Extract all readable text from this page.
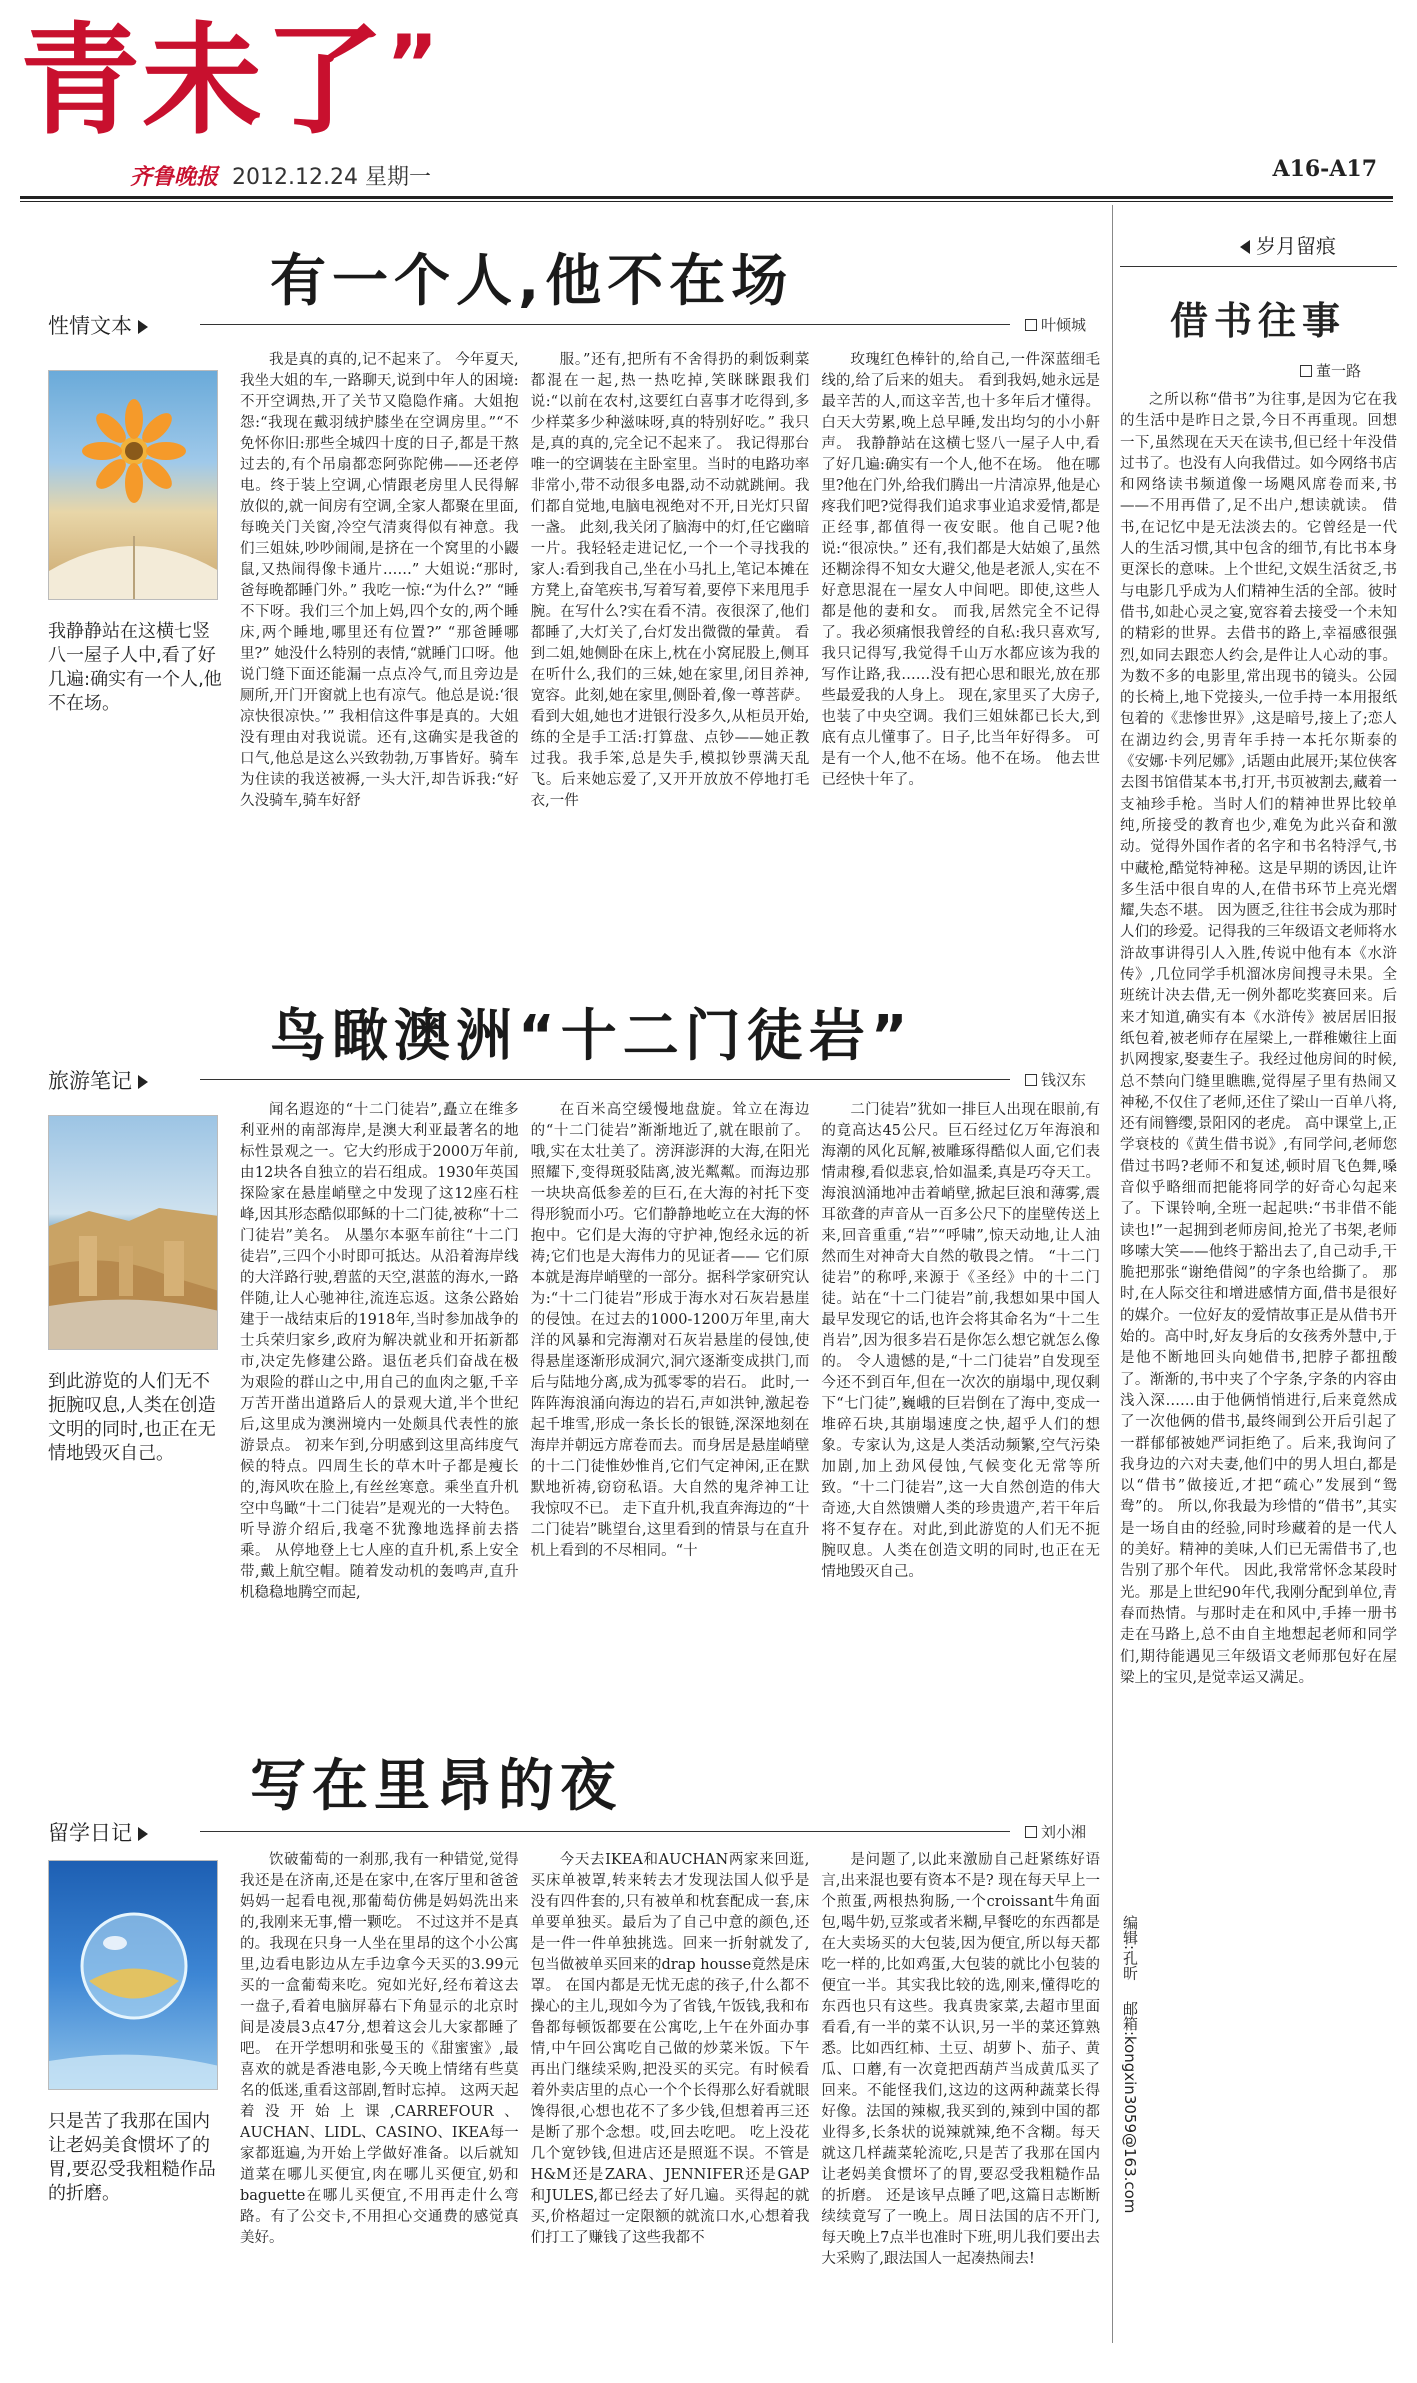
青未了”
齐鲁晚报 2012.12.24 星期一	A16-A17
有一个人,他不在场
性情文本	叶倾城
我静静站在这横七竖八一屋子人中,看了好几遍:确实有一个人,他不在场。
我是真的真的,记不起来了。 今年夏天,我坐大姐的车,一路聊天,说到中年人的困境:不开空调热,开了关节又隐隐作痛。大姐抱怨:“我现在戴羽绒护膝坐在空调房里。”“不免怀你旧:那些全城四十度的日子,都是干熬过去的,有个吊扇都恋阿弥陀佛——还老停电。终于装上空调,心情跟老房里人民得解放似的,就一间房有空调,全家人都聚在里面,每晚关门关窗,冷空气清爽得似有神意。我们三姐妹,吵吵闹闹,是挤在一个窝里的小鼹鼠,又热闹得像卡通片……” 大姐说:“那时,爸每晚都睡门外。” 我吃一惊:“为什么?” “睡不下呀。我们三个加上妈,四个女的,两个睡床,两个睡地,哪里还有位置?” “那爸睡哪里?” 她没什么特别的表情,“就睡门口呀。他说门缝下面还能漏一点点冷气,而且旁边是厕所,开门开窗就上也有凉气。他总是说:‘很凉快很凉快。’” 我相信这件事是真的。大姐没有理由对我说谎。还有,这确实是我爸的口气,他总是这么兴致勃勃,万事皆好。骑车为住读的我送被褥,一头大汗,却告诉我:“好久没骑车,骑车好舒
服。”还有,把所有不舍得扔的剩饭剩菜都混在一起,热一热吃掉,笑眯眯跟我们说:“以前在农村,这要红白喜事才吃得到,多少样菜多少种滋味呀,真的特别好吃。” 我只是,真的真的,完全记不起来了。 我记得那台唯一的空调装在主卧室里。当时的电路功率非常小,带不动很多电器,动不动就跳闸。我们都自觉地,电脑电视绝对不开,日光灯只留一盏。 此刻,我关闭了脑海中的灯,任它幽暗一片。我轻轻走进记忆,一个一个寻找我的家人:看到我自己,坐在小马扎上,笔记本摊在方凳上,奋笔疾书,写着写着,要停下来甩甩手腕。在写什么?实在看不清。夜很深了,他们都睡了,大灯关了,台灯发出微微的暈黄。 看到二姐,她侧卧在床上,枕在小窝屁股上,侧耳在听什么,我们的三妹,她在家里,闭目养神,宽容。此刻,她在家里,侧卧着,像一尊菩萨。 看到大姐,她也才进银行没多久,从柜员开始,练的全是手工活:打算盘、点钞——她正教过我。我手笨,总是失手,模拟钞票满天乱飞。后来她忘爱了,又开开放放不停地打毛衣,一件
玫瑰红色棒针的,给自己,一件深蓝细毛线的,给了后来的姐夫。 看到我妈,她永远是最辛苦的人,而这辛苦,也十多年后才懂得。白天大劳累,晚上总早睡,发出均匀的小小鼾声。 我静静站在这横七竖八一屋子人中,看了好几遍:确实有一个人,他不在场。 他在哪里?他在门外,给我们腾出一片清凉界,他是心疼我们吧?觉得我们追求事业追求爱情,都是正经事,都值得一夜安眠。他自己呢?他说:“很凉快。” 还有,我们都是大姑娘了,虽然还糊涂得不知女大避父,他是老派人,实在不好意思混在一屋女人中间吧。即使,这些人都是他的妻和女。 而我,居然完全不记得了。我必须痛恨我曾经的自私:我只喜欢写,我只记得写,我觉得千山万水都应该为我的写作让路,我……没有把心思和眼光,放在那些最爱我的人身上。 现在,家里买了大房子,也装了中央空调。我们三姐妹都已长大,到底有点儿懂事了。日子,比当年好得多。 可是有一个人,他不在场。他不在场。 他去世已经快十年了。
鸟瞰澳洲“十二门徒岩”
旅游笔记	钱汉东
到此游览的人们无不扼腕叹息,人类在创造文明的同时,也正在无情地毁灭自己。
闻名遐迩的“十二门徒岩”,矗立在维多利亚州的南部海岸,是澳大利亚最著名的地标性景观之一。它大约形成于2000万年前,由12块各自独立的岩石组成。1930年英国探险家在悬崖峭壁之中发现了这12座石柱峰,因其形态酷似耶稣的十二门徒,被称“十二门徒岩”美名。 从墨尔本驱车前往“十二门徒岩”,三四个小时即可抵达。从沿着海岸线的大洋路行驶,碧蓝的天空,湛蓝的海水,一路伴随,让人心驰神往,流连忘返。这条公路始建于一战结束后的1918年,当时参加战争的士兵荣归家乡,政府为解决就业和开拓新都市,决定先修建公路。退伍老兵们奋战在极为艰险的群山之中,用自己的血肉之躯,千辛万苦开凿出道路后人的景观大道,半个世纪后,这里成为澳洲境内一处颇具代表性的旅游景点。 初来乍到,分明感到这里高纬度气候的特点。四周生长的草木叶子都是瘦长的,海风吹在脸上,有丝丝寒意。乘坐直升机空中鸟瞰“十二门徒岩”是观光的一大特色。听导游介绍后,我毫不犹豫地选择前去搭乘。 从停地登上七人座的直升机,系上安全带,戴上航空帽。随着发动机的轰鸣声,直升机稳稳地腾空而起,
在百米高空缓慢地盘旋。耸立在海边的“十二门徒岩”渐渐地近了,就在眼前了。哦,实在太壮美了。滂湃澎湃的大海,在阳光照耀下,变得斑驳陆离,波光粼粼。而海边那一块块高低参差的巨石,在大海的衬托下变得形貌而小巧。它们静静地屹立在大海的怀抱中。它们是大海的守护神,饱经永远的祈祷;它们也是大海伟力的见证者—— 它们原本就是海岸峭壁的一部分。据科学家研究认为:“十二门徒岩”形成于海水对石灰岩悬崖的侵蚀。在过去的1000-1200万年里,南大洋的风暴和完海潮对石灰岩悬崖的侵蚀,使得悬崖逐渐形成洞穴,洞穴逐渐变成拱门,而后与陆地分离,成为孤零零的岩石。 此时,一阵阵海浪涌向海边的岩石,声如洪钟,激起卷起千堆雪,形成一条长长的银链,深深地刻在海岸并朝远方席卷而去。而身居是悬崖峭壁的十二门徒惟妙惟肖,它们气定神闲,正在默默地祈祷,窃窃私语。大自然的鬼斧神工让我惊叹不已。 走下直升机,我直奔海边的“十二门徒岩”眺望台,这里看到的情景与在直升机上看到的不尽相同。“十
二门徒岩”犹如一排巨人出现在眼前,有的竟高达45公尺。巨石经过亿万年海浪和海潮的风化瓦解,被雕琢得酷似人面,它们表情肃穆,看似悲哀,恰如温柔,真是巧夺天工。海浪汹涌地冲击着峭壁,掀起巨浪和薄雾,震耳欲聋的声音从一百多公尺下的崖壁传送上来,回音重重,“岩”“呼啸”,惊天动地,让人油然而生对神奇大自然的敬畏之情。 “十二门徒岩”的称呼,来源于《圣经》中的十二门徒。站在“十二门徒岩”前,我想如果中国人最早发现它的话,也许会将其命名为“十二生肖岩”,因为很多岩石是你怎么想它就怎么像的。 令人遗憾的是,“十二门徒岩”自发现至今还不到百年,但在一次次的崩塌中,现仅剩下“七门徒”,巍峨的巨岩倒在了海中,变成一堆碎石块,其崩塌速度之快,超乎人们的想象。专家认为,这是人类活动频繁,空气污染加剧,加上劲风侵蚀,气候变化无常等所致。“十二门徒岩”,这一大自然创造的伟大奇迹,大自然馈赠人类的珍贵遗产,若干年后将不复存在。对此,到此游览的人们无不扼腕叹息。人类在创造文明的同时,也正在无情地毁灭自己。
写在里昂的夜
留学日记	刘小湘
只是苦了我那在国内让老妈美食惯坏了的胃,要忍受我粗糙作品的折磨。
饮破葡萄的一刹那,我有一种错觉,觉得我还是在济南,还是在家中,在客厅里和爸爸妈妈一起看电视,那葡萄仿佛是妈妈洗出来的,我刚来无事,懵一颗吃。 不过这并不是真的。我现在只身一人坐在里昂的这个小公寓里,边看电影边从左手边拿今天买的3.99元买的一盒葡萄来吃。宛如光好,经布着这去一盘子,看着电脑屏幕右下角显示的北京时间是凌晨3点47分,想着这会儿大家都睡了吧。 在开学想明和张曼玉的《甜蜜蜜》,最喜欢的就是香港电影,今天晚上情绪有些莫名的低迷,重看这部剧,暂时忘掉。 这两天起着没开始上课,CARREFOUR、AUCHAN、LIDL、CASINO、IKEA每一家都逛遍,为开始上学做好准备。以后就知道菜在哪儿买便宜,肉在哪儿买便宜,奶和baguette在哪儿买便宜,不用再走什么弯路。有了公交卡,不用担心交通费的感觉真美好。
今天去IKEA和AUCHAN两家来回逛,买床单被罩,转来转去才发现法国人似乎是没有四件套的,只有被单和枕套配成一套,床单要单独买。最后为了自己中意的颜色,还是一件一件单独挑选。回来一折射就发了,包当做被单买回来的drap housse竟然是床罩。 在国内都是无忧无虑的孩子,什么都不操心的主儿,现如今为了省钱,午饭钱,我和布鲁都每顿饭都要在公寓吃,上午在外面办事情,中午回公寓吃自己做的炒菜米饭。下午再出门继续采购,把没买的买完。有时候看着外卖店里的点心一个个长得那么好看就眼馋得很,心想也花不了多少钱,但想着再三还是断了那个念想。哎,回去吃吧。 吃上没花几个宽钞钱,但进店还是照逛不误。不管是H&M还是ZARA、JENNIFER还是GAP和JULES,都已经去了好几遍。买得起的就买,价格超过一定限额的就流口水,心想着我们打工了赚钱了这些我都不
是问题了,以此来激励自己赶紧练好语言,出来混也要有资本不是? 现在每天早上一个煎蛋,两根热狗肠,一个croissant牛角面包,喝牛奶,豆浆或者米糊,早餐吃的东西都是在大卖场买的大包装,因为便宜,所以每天都吃一样的,比如鸡蛋,大包装的就比小包装的便宜一半。其实我比较的选,刚来,懂得吃的东西也只有这些。我真贵家菜,去超市里面看看,有一半的菜不认识,另一半的菜还算熟悉。比如西红柿、土豆、胡萝卜、茄子、黄瓜、口蘑,有一次竟把西葫芦当成黄瓜买了回来。不能怪我们,这边的这两种蔬菜长得好像。法国的辣椒,我买到的,辣到中国的都业得多,长条状的说辣就辣,绝不含糊。每天就这几样蔬菜轮流吃,只是苦了我那在国内让老妈美食惯坏了的胃,要忍受我粗糙作品的折磨。 还是该早点睡了吧,这篇日志断断续续竟写了一晚上。周日法国的店不开门,每天晚上7点半也准时下班,明儿我们要出去大采购了,跟法国人一起凑热闹去!
岁月留痕
借书往事
董一路

之所以称“借书”为往事,是因为它在我的生活中是昨日之景,今日不再重现。回想一下,虽然现在天天在读书,但已经十年没借过书了。也没有人向我借过。如今网络书店和网络读书频道像一场飓风席卷而来,书——不用再借了,足不出户,想读就读。 借书,在记忆中是无法淡去的。它曾经是一代人的生活习惯,其中包含的细节,有比书本身更深长的意味。上个世纪,文娱生活贫乏,书与电影几乎成为人们精神生活的全部。彼时借书,如赴心灵之宴,宽容着去接受一个未知的精彩的世界。去借书的路上,幸福感很强烈,如同去跟恋人约会,是件让人心动的事。 为数不多的电影里,常出现书的镜头。公园的长椅上,地下党接头,一位手持一本用报纸包着的《悲惨世界》,这是暗号,接上了;恋人在湖边约会,男青年手持一本托尔斯泰的《安娜·卡列尼娜》,话题由此展开;某位侠客去图书馆借某本书,打开,书页被割去,藏着一支袖珍手枪。当时人们的精神世界比较单纯,所接受的教育也少,难免为此兴奋和激动。觉得外国作者的名字和书名特浮气,书中藏枪,酷觉特神秘。这是早期的诱因,让许多生活中很自卑的人,在借书环节上亮光熠耀,失态不堪。 因为匮乏,往往书会成为那时人们的珍爱。记得我的三年级语文老师将水浒故事讲得引人入胜,传说中他有本《水浒传》,几位同学手机溜冰房间搜寻未果。全班统计决去借,无一例外都吃奖赛回来。后来才知道,确实有本《水浒传》被居居旧报纸包着,被老师存在屋梁上,一群稚嫩往上面扒网搜家,娶妻生子。我经过他房间的时候,总不禁向门缝里瞧瞧,觉得屋子里有热闹又神秘,不仅住了老师,还住了梁山一百单八将,还有闹簪缨,景阳冈的老虎。 高中课堂上,正学衰枝的《黄生借书说》,有同学问,老师您借过书吗?老师不和复述,顿时眉飞色舞,嗓音似乎略细而把能将同学的好奇心勾起来了。下课铃响,全班一起起哄:“书非借不能读也!”一起拥到老师房间,抢光了书架,老师哆嗦大笑——他终于豁出去了,自己动手,干脆把那张“谢绝借阅”的字条也给撕了。 那时,在人际交往和增进感情方面,借书是很好的媒介。一位好友的爱情故事正是从借书开始的。高中时,好友身后的女孩秀外慧中,于是他不断地回头向她借书,把脖子都扭酸了。渐渐的,书中夹了个字条,字条的内容由浅入深……由于他俩悄悄进行,后来竟然成了一次他俩的借书,最终闹到公开后引起了一群郁郁被她严词拒绝了。后来,我询问了我身边的六对夫妻,他们中的男人坦白,都是以“借书”做接近,才把“疏心”发展到“鸳鸯”的。 所以,你我最为珍惜的“借书”,其实是一场自由的经验,同时珍藏着的是一代人的美好。精神的美味,人们已无需借书了,也告别了那个年代。 因此,我常常怀念某段时光。那是上世纪90年代,我刚分配到单位,青春而热情。与那时走在和风中,手捧一册书走在马路上,总不由自主地想起老师和同学们,期待能遇见三年级语文老师那包好在屋梁上的宝贝,是觉幸运又满足。

编辑:孔昕 邮箱:kongxin3059@163.com
